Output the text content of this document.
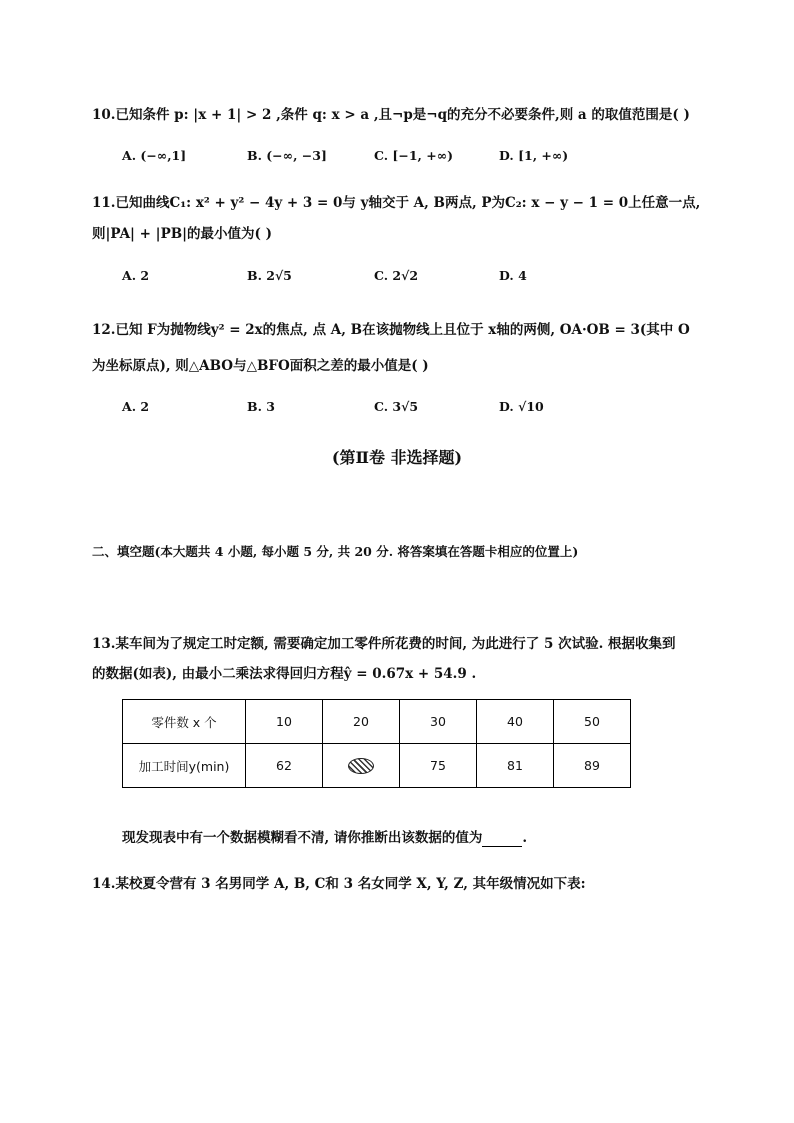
10.已知条件 p: |x + 1| > 2 ,条件 q: x > a ,且¬p是¬q的充分不必要条件,则 a 的取值范围是( )
A. (−∞,1]	B. (−∞, −3]	C. [−1, +∞)	D. [1, +∞)
11.已知曲线C₁: x² + y² − 4y + 3 = 0与 y轴交于 A, B两点, P为C₂: x − y − 1 = 0上任意一点,
则|PA| + |PB|的最小值为( )
A. 2	B. 2√5	C. 2√2	D. 4
12.已知 F为抛物线y² = 2x的焦点, 点 A, B在该抛物线上且位于 x轴的两侧, OA·OB = 3(其中 O
为坐标原点), 则△ABO与△BFO面积之差的最小值是( )
A. 2	B. 3	C. 3√5	D. √10
(第Ⅱ卷 非选择题)
二、填空题(本大题共 4 小题, 每小题 5 分, 共 20 分. 将答案填在答题卡相应的位置上)
13.某车间为了规定工时定额, 需要确定加工零件所花费的时间, 为此进行了 5 次试验. 根据收集到
的数据(如表), 由最小二乘法求得回归方程ŷ = 0.67x + 54.9 .
零件数 x 个	10	20	30	40	50
加工时间y(min)	62		75	81	89
现发现表中有一个数据模糊看不清, 请你推断出该数据的值为	.
14.某校夏令营有 3 名男同学 A, B, C和 3 名女同学 X, Y, Z, 其年级情况如下表:
